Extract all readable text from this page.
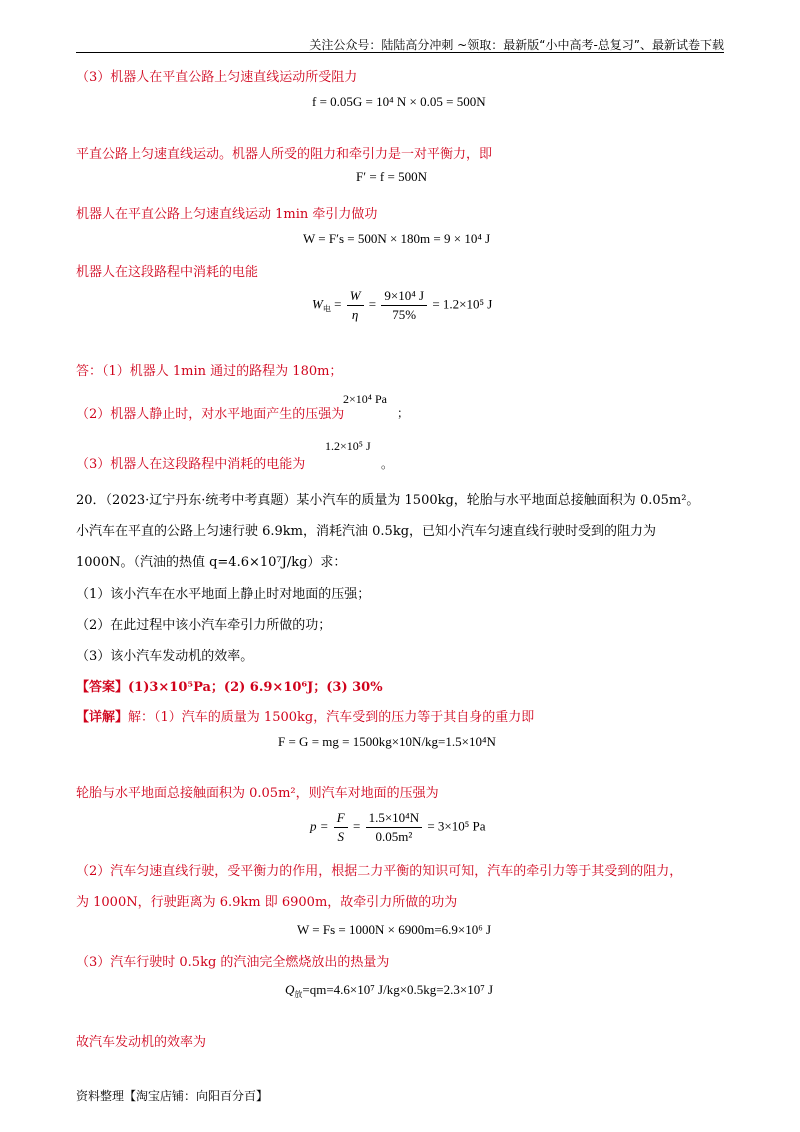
关注公众号：陆陆高分冲刺 ~领取：最新版“小中高考-总复习”、最新试卷下载
（3）机器人在平直公路上匀速直线运动所受阻力
f = 0.05G = 10⁴ N × 0.05 = 500N
平直公路上匀速直线运动。机器人所受的阻力和牵引力是一对平衡力，即
F′ = f = 500N
机器人在平直公路上匀速直线运动 1min 牵引力做功
W = F′s = 500N × 180m = 9 × 10⁴ J
机器人在这段路程中消耗的电能
$W_电 = \frac{W}{\eta} = \frac{\text{9×10⁴ J}}{75\%} = 1.2\times 10^5$ J
答：（1）机器人 1min 通过的路程为 180m；
（2）机器人静止时，对水平地面产生的压强为
2×10⁴ Pa
；
（3）机器人在这段路程中消耗的电能为
1.2×10⁵ J
。
20．（2023·辽宁丹东·统考中考真题）某小汽车的质量为 1500kg，轮胎与水平地面总接触面积为 0.05m²。
小汽车在平直的公路上匀速行驶 6.9km，消耗汽油 0.5kg，已知小汽车匀速直线行驶时受到的阻力为
1000N。（汽油的热值 q=4.6×10⁷J/kg）求：
（1）该小汽车在水平地面上静止时对地面的压强；
（2）在此过程中该小汽车牵引力所做的功；
（3）该小汽车发动机的效率。
【答案】(1)3×10⁵Pa；(2) 6.9×10⁶J；(3) 30%
【详解】解：（1）汽车的质量为 1500kg，汽车受到的压力等于其自身的重力即
F = G = mg = 1500kg×10N/kg=1.5×10⁴N
轮胎与水平地面总接触面积为 0.05m²，则汽车对地面的压强为
$p = \frac{F}{S} = \frac{\text{1.5×10⁴N}}{\text{0.05m²}} = 3\times 10^5$ Pa
（2）汽车匀速直线行驶，受平衡力的作用，根据二力平衡的知识可知，汽车的牵引力等于其受到的阻力，
为 1000N，行驶距离为 6.9km 即 6900m，故牵引力所做的功为
W = Fs = 1000N × 6900m=6.9×10⁶ J
（3）汽车行驶时 0.5kg 的汽油完全燃烧放出的热量为
$Q_放=qm=4.6\times 10^7$ J/kg×0.5kg=2.3×10⁷ J
故汽车发动机的效率为
资料整理【淘宝店铺：向阳百分百】
